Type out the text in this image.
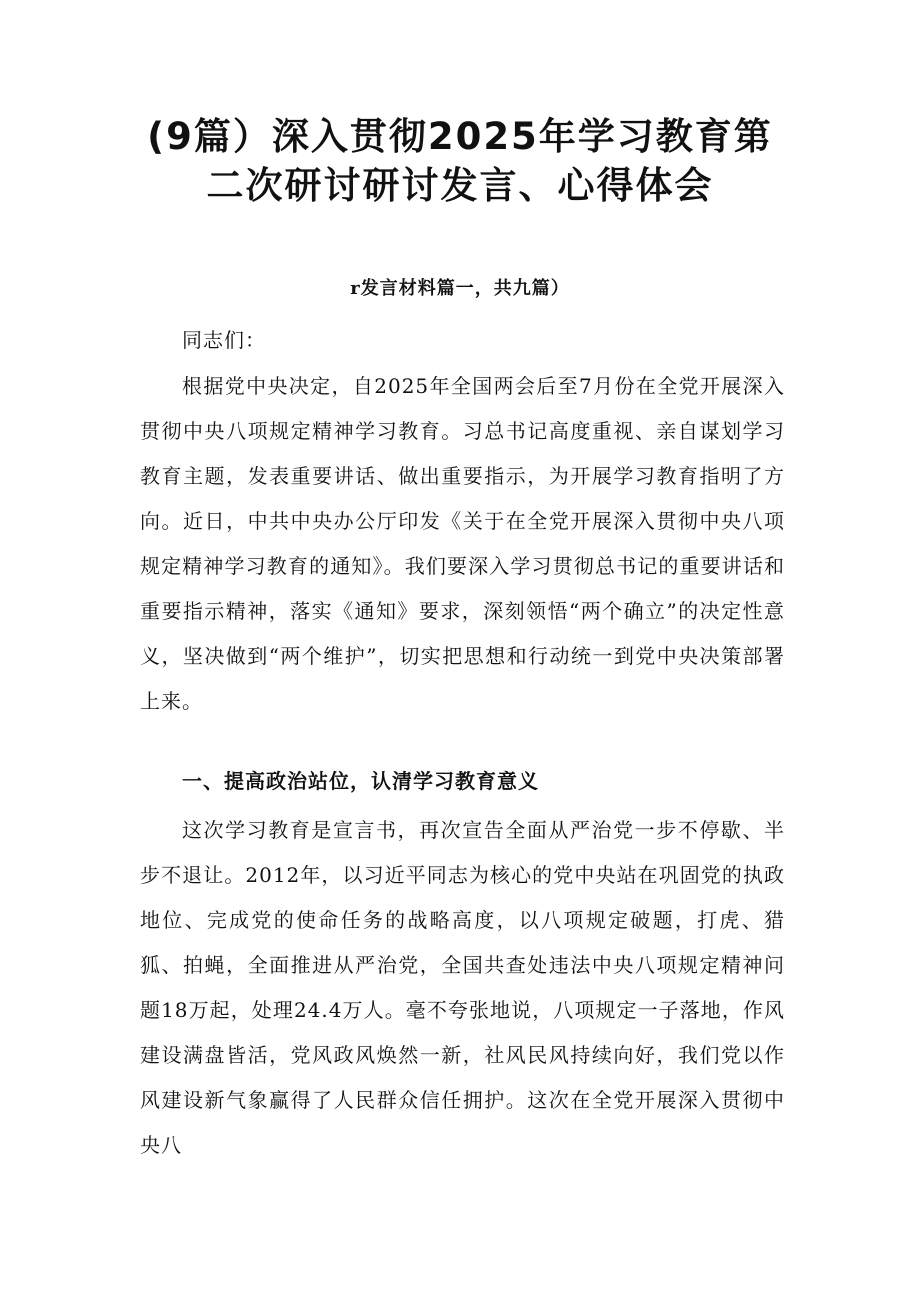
(9篇）深入贯彻2025年学习教育第
二次研讨研讨发言、心得体会
r发言材料篇一，共九篇）

同志们：

根据党中央决定，自2025年全国两会后至7月份在全党开展深入贯彻中央八项规定精神学习教育。习总书记高度重视、亲自谋划学习教育主题，发表重要讲话、做出重要指示，为开展学习教育指明了方向。近日，中共中央办公厅印发《关于在全党开展深入贯彻中央八项规定精神学习教育的通知》。我们要深入学习贯彻总书记的重要讲话和重要指示精神，落实《通知》要求，深刻领悟“两个确立”的决定性意义，坚决做到“两个维护”，切实把思想和行动统一到党中央决策部署上来。

一、提高政治站位，认清学习教育意义

这次学习教育是宣言书，再次宣告全面从严治党一步不停歇、半步不退让。2012年，以习近平同志为核心的党中央站在巩固党的执政地位、完成党的使命任务的战略高度，以八项规定破题，打虎、猎狐、拍蝇，全面推进从严治党，全国共查处违法中央八项规定精神问题18万起，处理24.4万人。毫不夸张地说，八项规定一子落地，作风建设满盘皆活，党风政风焕然一新，社风民风持续向好，我们党以作风建设新气象赢得了人民群众信任拥护。这次在全党开展深入贯彻中央八
